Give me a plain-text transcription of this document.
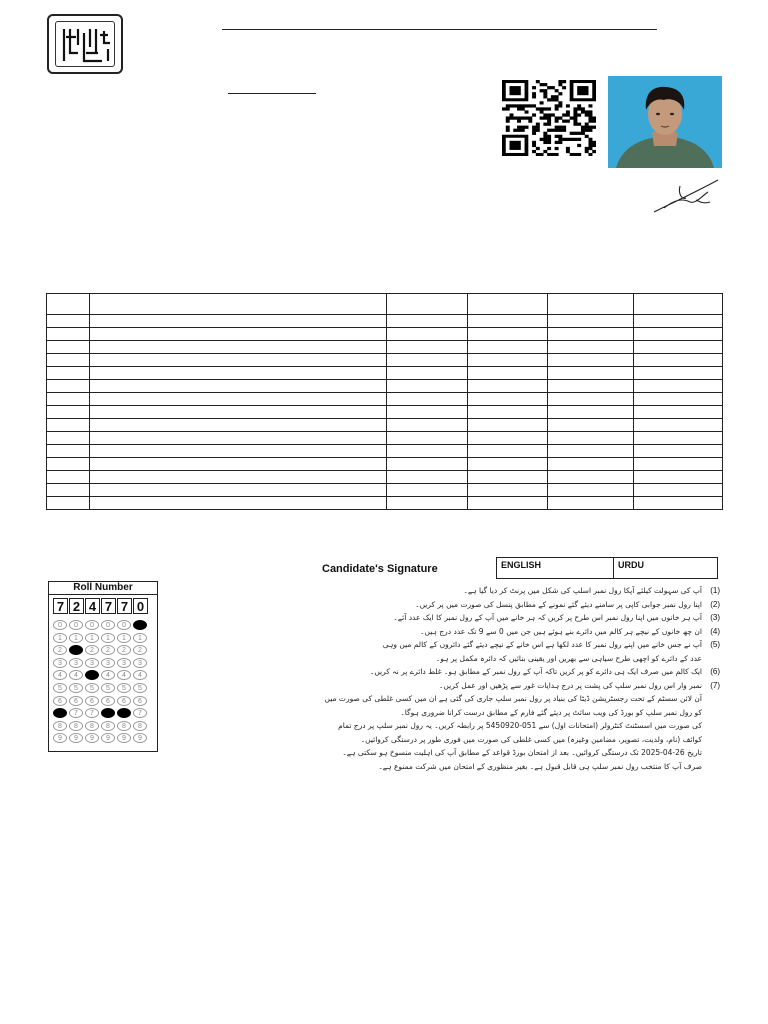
Roll Number
7 2 4 7 7 0
0	0	0	0	0	0
1	1	1	1	1	1
2	2	2	2	2	2
3	3	3	3	3	3
4	4	4	4	4	4
5	5	5	5	5	5
6	6	6	6	6	6
7	7	7	7	7	7
8	8	8	8	8	8
9	9	9	9	9	9
Candidate's Signature	ENGLISH	URDU
آپ کی سہولت کیلئے آپکا رول نمبر اسلپ کی شکل میں پرنٹ کر دیا گیا ہے۔	(1)
اپنا رول نمبر جوابی کاپی پر سامنے دیئے گئے نمونے کے مطابق پنسل کی صورت میں پر کریں۔	(2)
آپ ہر خانوں میں اپنا رول نمبر اس طرح پر کریں کہ ہر خانے میں آپ کے رول نمبر کا ایک عدد آئے۔	(3)
ان چھ خانوں کے نیچے ہر کالم میں دائرے بنے ہوئے ہیں جن میں 0 سے 9 تک عدد درج ہیں۔	(4)
آپ نے جس خانے میں اپنے رول نمبر کا عدد لکھا ہے اس خانے کے نیچے دیئے گئے دائروں کے کالم میں وہی	(5)
عدد کے دائرے کو اچھی طرح سیاہی سے بھریں اور یقینی بنائیں کہ دائرہ مکمل پر ہو۔
ایک کالم میں صرف ایک ہی دائرے کو پر کریں تاکہ آپ کے رول نمبر کے مطابق ہو۔ غلط دائرے پر نہ کریں۔	(6)
نمبر وار اس رول نمبر سلپ کی پشت پر درج ہدایات غور سے پڑھیں اور عمل کریں۔	(7)
آن لائن سسٹم کے تحت رجسٹریشن ڈیٹا کی بنیاد پر رول نمبر سلپ جاری کی گئی ہے ان میں کسی غلطی کی صورت میں
کو رول نمبر سلپ کو بورڈ کی ویب سائٹ پر دیئے گئے فارم کے مطابق درست کرانا ضروری ہوگا۔
کی صورت میں اسسٹنٹ کنٹرولر (امتحانات اول) سے 051-5450920 پر رابطہ کریں۔ یہ رول نمبر سلپ پر درج تمام
کوائف (نام، ولدیت، تصویر، مضامین وغیرہ) میں کسی غلطی کی صورت میں فوری طور پر درستگی کروائیں۔
تاریخ 26-04-2025 تک درستگی کروائیں۔ بعد از امتحان بورڈ قواعد کے مطابق آپ کی اہلیت منسوخ ہو سکتی ہے۔
صرف آپ کا منتخب رول نمبر سلپ ہی قابل قبول ہے۔ بغیر منظوری کے امتحان میں شرکت ممنوع ہے۔
